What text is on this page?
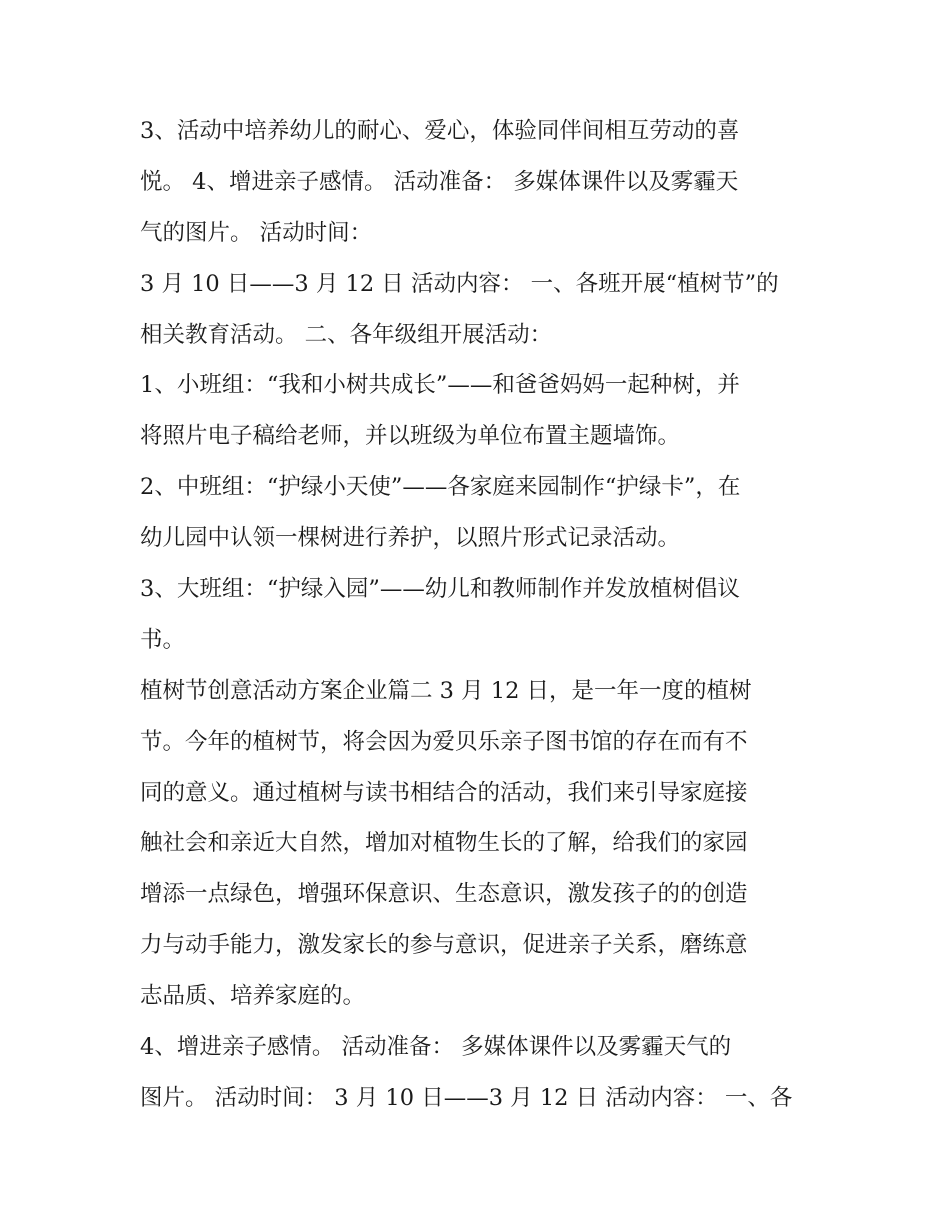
3、活动中培养幼儿的耐心、爱心，体验同伴间相互劳动的喜
悦。 4、增进亲子感情。 活动准备： 多媒体课件以及雾霾天
气的图片。 活动时间：
3 月 10 日——3 月 12 日 活动内容： 一、各班开展“植树节”的
相关教育活动。 二、各年级组开展活动：
1、小班组：“我和小树共成长”——和爸爸妈妈一起种树，并
将照片电子稿给老师，并以班级为单位布置主题墙饰。
2、中班组：“护绿小天使”——各家庭来园制作“护绿卡”，在
幼儿园中认领一棵树进行养护，以照片形式记录活动。
3、大班组：“护绿入园”——幼儿和教师制作并发放植树倡议
书。
植树节创意活动方案企业篇二 3 月 12 日，是一年一度的植树
节。今年的植树节，将会因为爱贝乐亲子图书馆的存在而有不
同的意义。通过植树与读书相结合的活动，我们来引导家庭接
触社会和亲近大自然，增加对植物生长的了解，给我们的家园
增添一点绿色，增强环保意识、生态意识，激发孩子的的创造
力与动手能力，激发家长的参与意识，促进亲子关系，磨练意
志品质、培养家庭的。
4、增进亲子感情。 活动准备： 多媒体课件以及雾霾天气的
图片。 活动时间： 3 月 10 日——3 月 12 日 活动内容： 一、各
